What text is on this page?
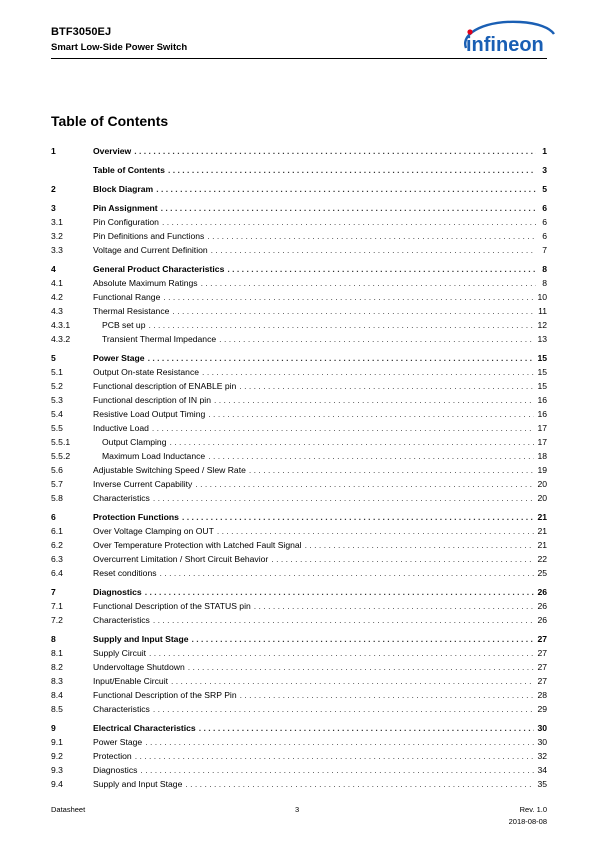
BTF3050EJ
Smart Low-Side Power Switch	infineon
Table of Contents
1	Overview . . .	1
Table of Contents . . .	3
2	Block Diagram . . .	5
3	Pin Assignment . . .	6
3.1	Pin Configuration . . .	6
3.2	Pin Definitions and Functions . . .	6
3.3	Voltage and Current Definition . . .	7
4	General Product Characteristics . . .	8
4.1	Absolute Maximum Ratings . . .	8
4.2	Functional Range . . .	10
4.3	Thermal Resistance . . .	11
4.3.1	PCB set up . . .	12
4.3.2	Transient Thermal Impedance . . .	13
5	Power Stage . . .	15
5.1	Output On-state Resistance . . .	15
5.2	Functional description of ENABLE pin . . .	15
5.3	Functional description of IN pin . . .	16
5.4	Resistive Load Output Timing . . .	16
5.5	Inductive Load . . .	17
5.5.1	Output Clamping . . .	17
5.5.2	Maximum Load Inductance . . .	18
5.6	Adjustable Switching Speed / Slew Rate . . .	19
5.7	Inverse Current Capability . . .	20
5.8	Characteristics . . .	20
6	Protection Functions . . .	21
6.1	Over Voltage Clamping on OUT . . .	21
6.2	Over Temperature Protection with Latched Fault Signal . . .	21
6.3	Overcurrent Limitation / Short Circuit Behavior . . .	22
6.4	Reset conditions . . .	25
7	Diagnostics . . .	26
7.1	Functional Description of the STATUS pin . . .	26
7.2	Characteristics . . .	26
8	Supply and Input Stage . . .	27
8.1	Supply Circuit . . .	27
8.2	Undervoltage Shutdown . . .	27
8.3	Input/Enable Circuit . . .	27
8.4	Functional Description of the SRP Pin . . .	28
8.5	Characteristics . . .	29
9	Electrical Characteristics . . .	30
9.1	Power Stage . . .	30
9.2	Protection . . .	32
9.3	Diagnostics . . .	34
9.4	Supply and Input Stage . . .	35
Datasheet	3	Rev. 1.0
2018-08-08
